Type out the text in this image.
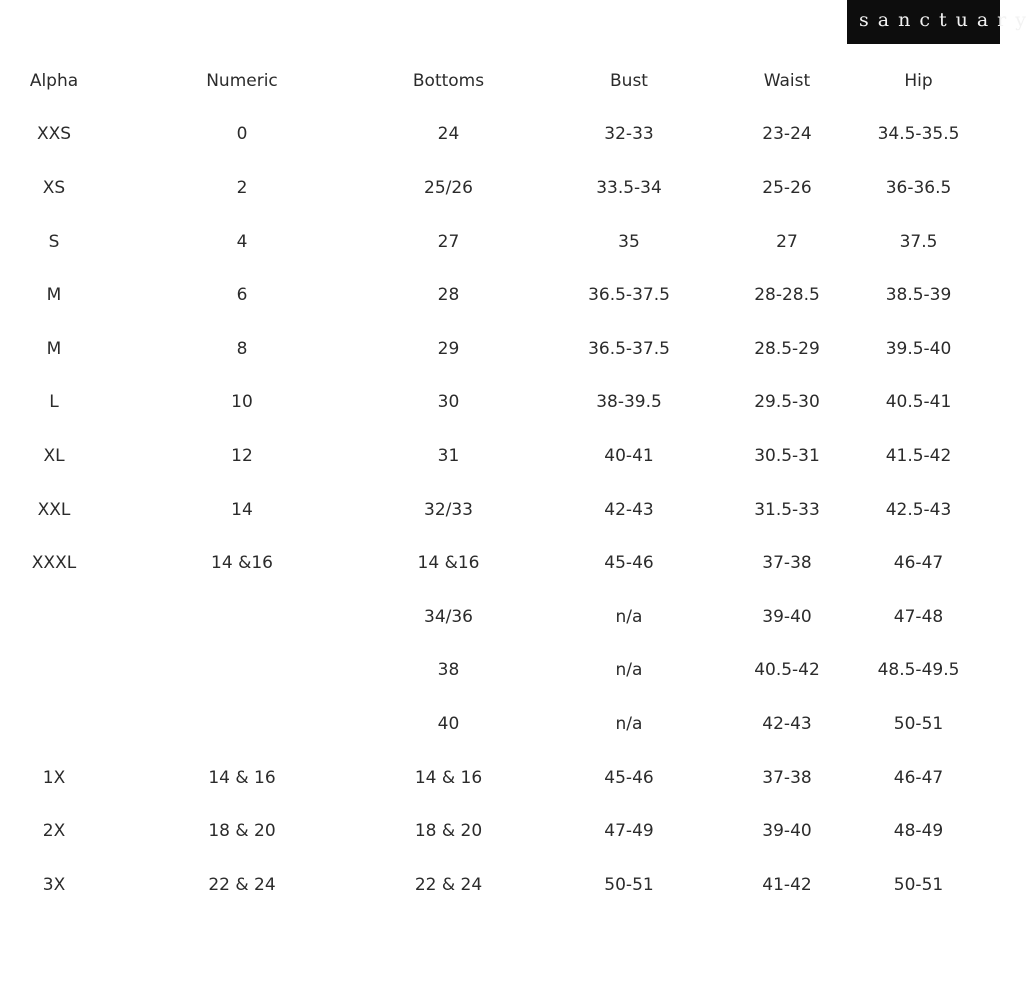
sanctuary
Alpha	Numeric	Bottoms	Bust	Waist	Hip
XXS	0	24	32-33	23-24	34.5-35.5
XS	2	25/26	33.5-34	25-26	36-36.5
S	4	27	35	27	37.5
M	6	28	36.5-37.5	28-28.5	38.5-39
M	8	29	36.5-37.5	28.5-29	39.5-40
L	10	30	38-39.5	29.5-30	40.5-41
XL	12	31	40-41	30.5-31	41.5-42
XXL	14	32/33	42-43	31.5-33	42.5-43
XXXL	14 &16	14 &16	45-46	37-38	46-47
		34/36	n/a	39-40	47-48
		38	n/a	40.5-42	48.5-49.5
		40	n/a	42-43	50-51
1X	14 & 16	14 & 16	45-46	37-38	46-47
2X	18 & 20	18 & 20	47-49	39-40	48-49
3X	22 & 24	22 & 24	50-51	41-42	50-51
